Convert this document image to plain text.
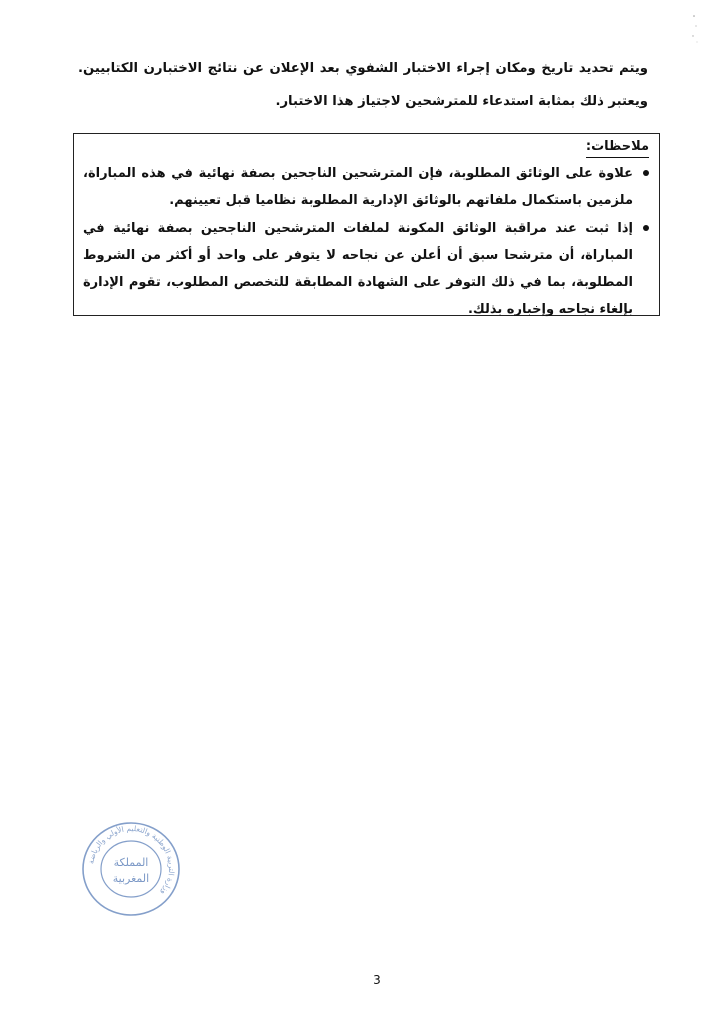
ويتم تحديد تاريخ ومكان إجراء الاختبار الشفوي بعد الإعلان عن نتائج الاختبارن الكتابيين. ويعتبر ذلك بمثابة استدعاء للمترشحين لاجتياز هذا الاختبار.
ملاحظات:
علاوة على الوثائق المطلوبة، فإن المترشحين الناجحين بصفة نهائية في هذه المباراة، ملزمين باستكمال ملفاتهم بالوثائق الإدارية المطلوبة نظاميا قبل تعيينهم.
إذا ثبت عند مراقبة الوثائق المكونة لملفات المترشحين الناجحين بصفة نهائية في المباراة، أن مترشحا سبق أن أعلن عن نجاحه لا يتوفر على واحد أو أكثر من الشروط المطلوبة، بما في ذلك التوفر على الشهادة المطابقة للتخصص المطلوب، تقوم الإدارة بإلغاء نجاحه وإخباره بذلك.
وزارة التربية الوطنية والتعليم الأولي والرياضة
المملكة
المغربية
3
